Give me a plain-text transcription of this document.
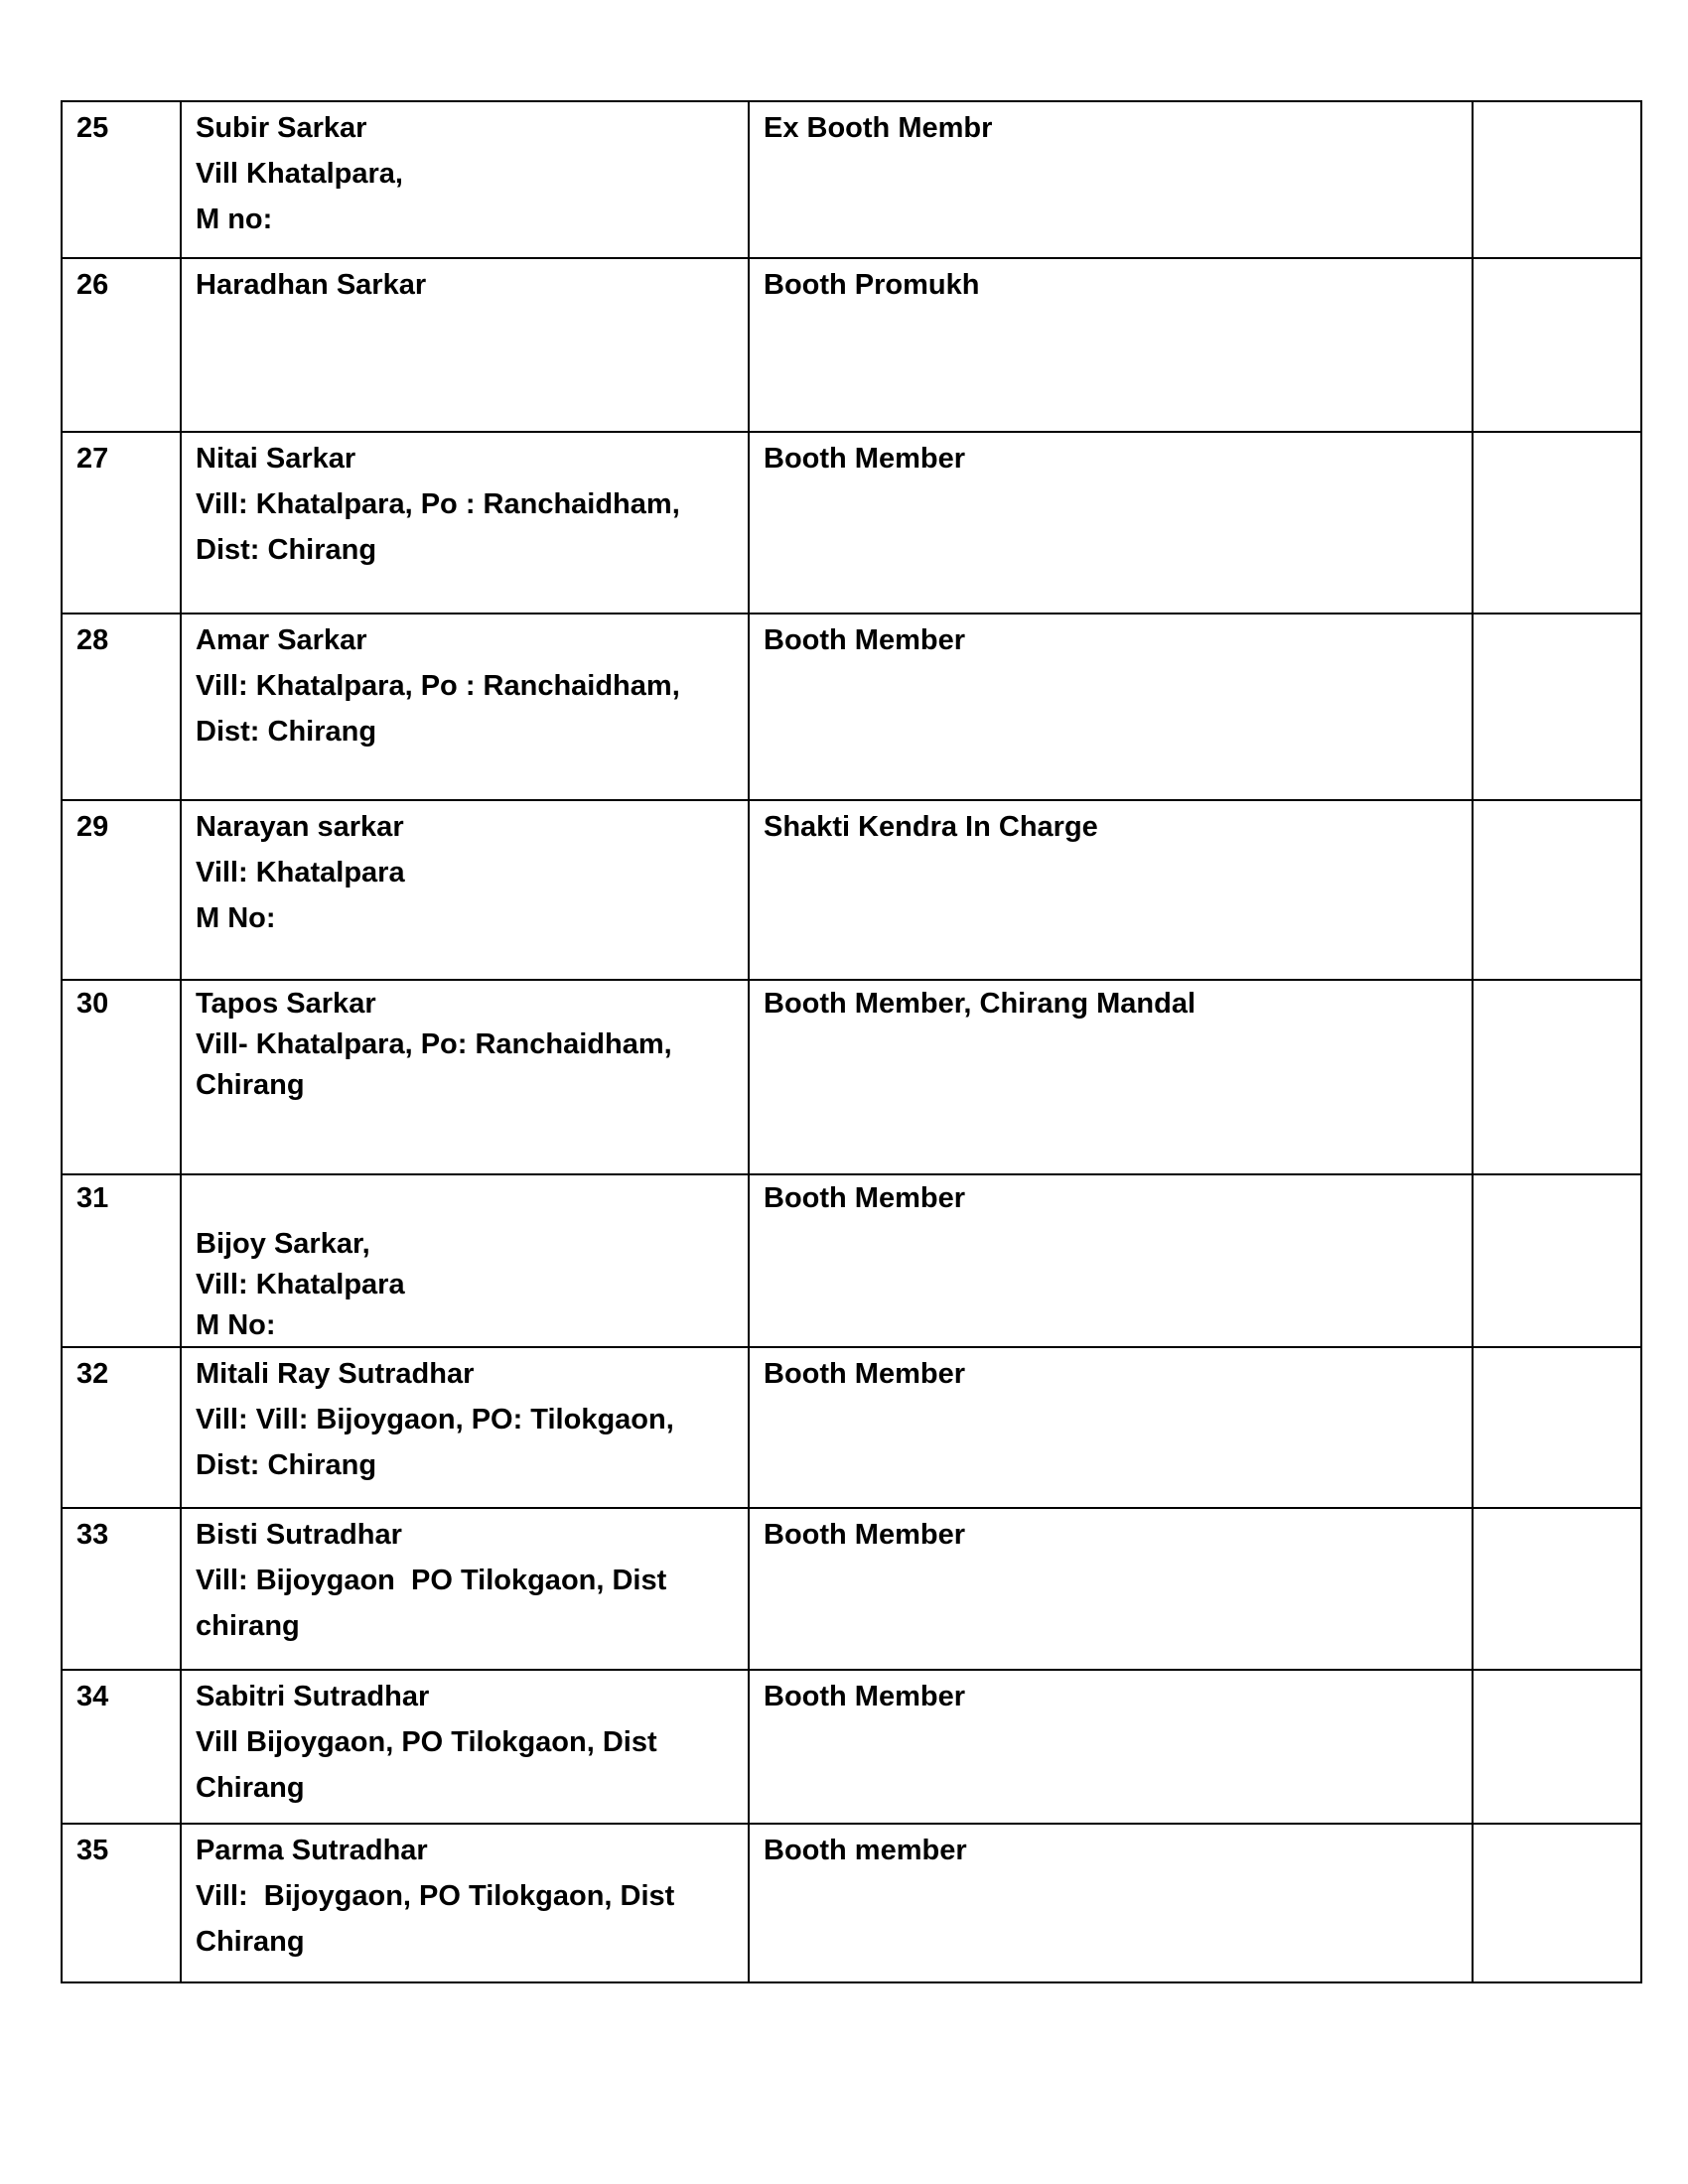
25	Subir Sarkar
Vill Khatalpara,
M no:	Ex Booth Membr	

26	Haradhan Sarkar	Booth Promukh	

27	Nitai Sarkar
Vill: Khatalpara, Po : Ranchaidham,
Dist: Chirang	Booth Member	

28	Amar Sarkar
Vill: Khatalpara, Po : Ranchaidham,
Dist: Chirang	Booth Member	

29	Narayan sarkar
Vill: Khatalpara
M No:	Shakti Kendra In Charge	

30	Tapos Sarkar
Vill- Khatalpara, Po: Ranchaidham,
Chirang	Booth Member, Chirang Mandal	

31	Bijoy Sarkar,
Vill: Khatalpara
M No:	Booth Member	

32	Mitali Ray Sutradhar
Vill: Vill: Bijoygaon, PO: Tilokgaon,
Dist: Chirang	Booth Member	

33	Bisti Sutradhar
Vill: Bijoygaon  PO Tilokgaon, Dist
chirang	Booth Member	

34	Sabitri Sutradhar
Vill Bijoygaon, PO Tilokgaon, Dist
Chirang	Booth Member	

35	Parma Sutradhar
Vill:  Bijoygaon, PO Tilokgaon, Dist
Chirang	Booth member	
